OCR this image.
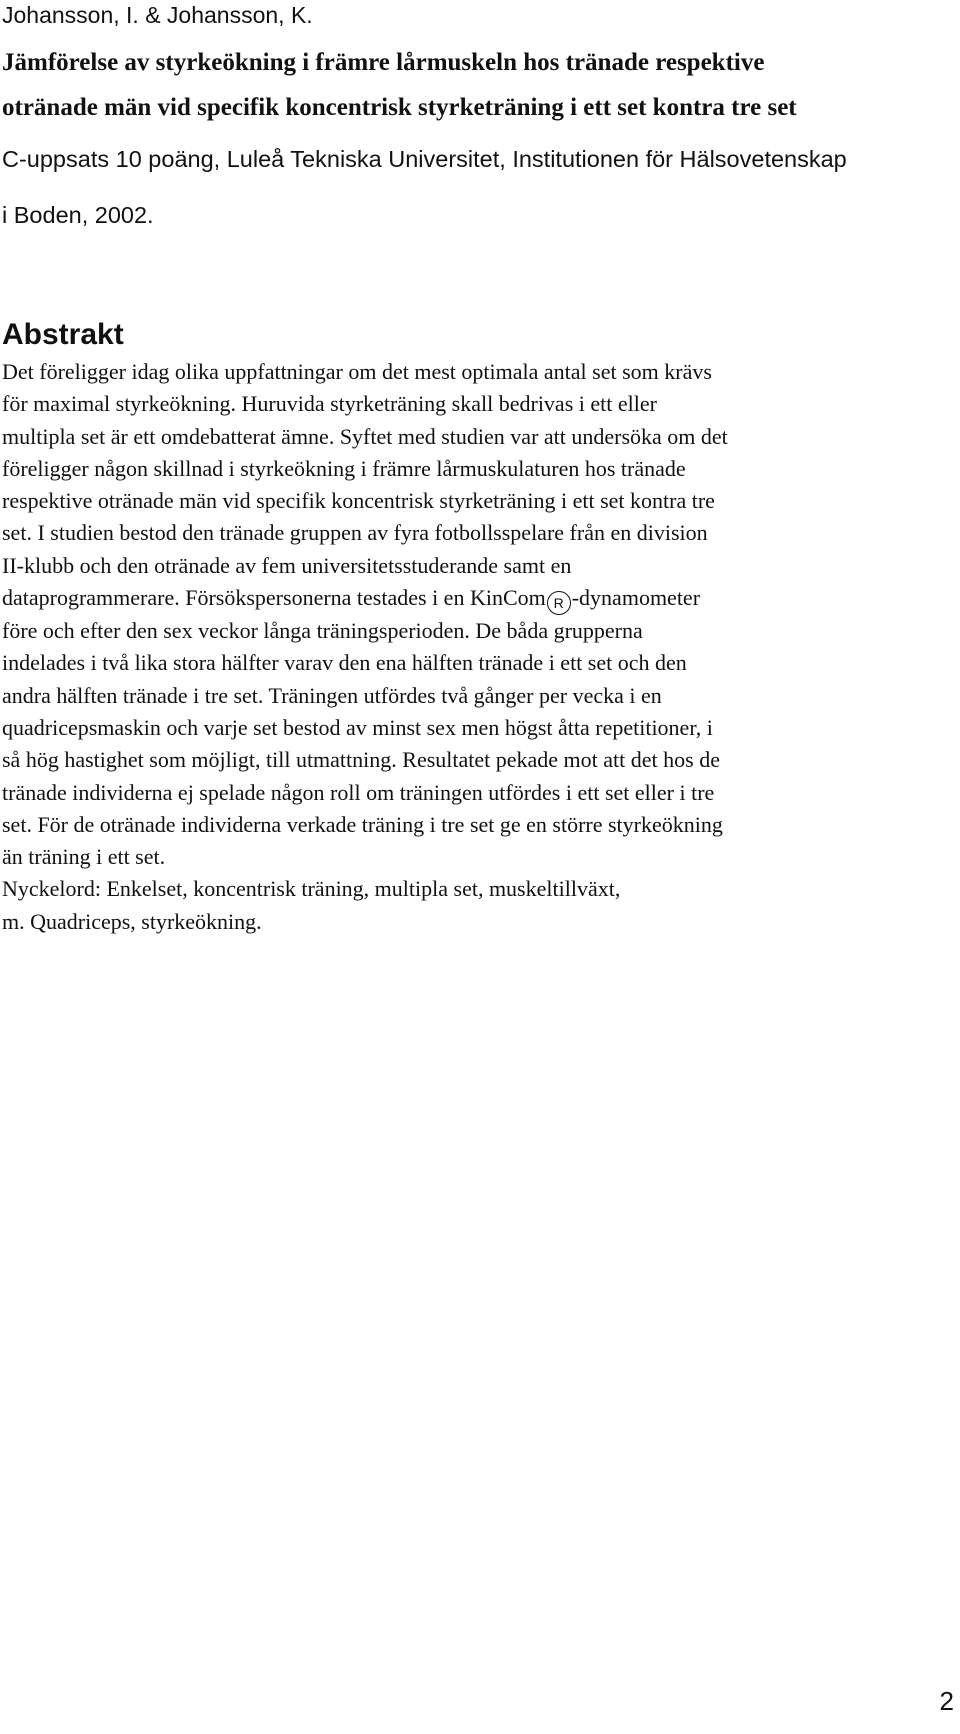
Johansson, I. & Johansson, K.

Jämförelse av styrkeökning i främre lårmuskeln hos tränade respektive

otränade män vid specifik koncentrisk styrketräning i ett set kontra tre set

C-uppsats 10 poäng, Luleå Tekniska Universitet, Institutionen för Hälsovetenskap

i Boden, 2002.

Abstrakt
Det föreligger idag olika uppfattningar om det mest optimala antal set som krävs
för maximal styrkeökning. Huruvida styrketräning skall bedrivas i ett eller
multipla set är ett omdebatterat ämne. Syftet med studien var att undersöka om det
föreligger någon skillnad i styrkeökning i främre lårmuskulaturen hos tränade
respektive otränade män vid specifik koncentrisk styrketräning i ett set kontra tre
set. I studien bestod den tränade gruppen av fyra fotbollsspelare från en division
II-klubb och den otränade av fem universitetsstuderande samt en
dataprogrammerare. Försökspersonerna testades i en KinCom R -dynamometer
före och efter den sex veckor långa träningsperioden. De båda grupperna
indelades i två lika stora hälfter varav den ena hälften tränade i ett set och den
andra hälften tränade i tre set. Träningen utfördes två gånger per vecka i en
quadricepsmaskin och varje set bestod av minst sex men högst åtta repetitioner, i
så hög hastighet som möjligt, till utmattning. Resultatet pekade mot att det hos de
tränade individerna ej spelade någon roll om träningen utfördes i ett set eller i tre
set. För de otränade individerna verkade träning i tre set ge en större styrkeökning
än träning i ett set.
Nyckelord: Enkelset, koncentrisk träning, multipla set, muskeltillväxt,
m. Quadriceps, styrkeökning.
2
